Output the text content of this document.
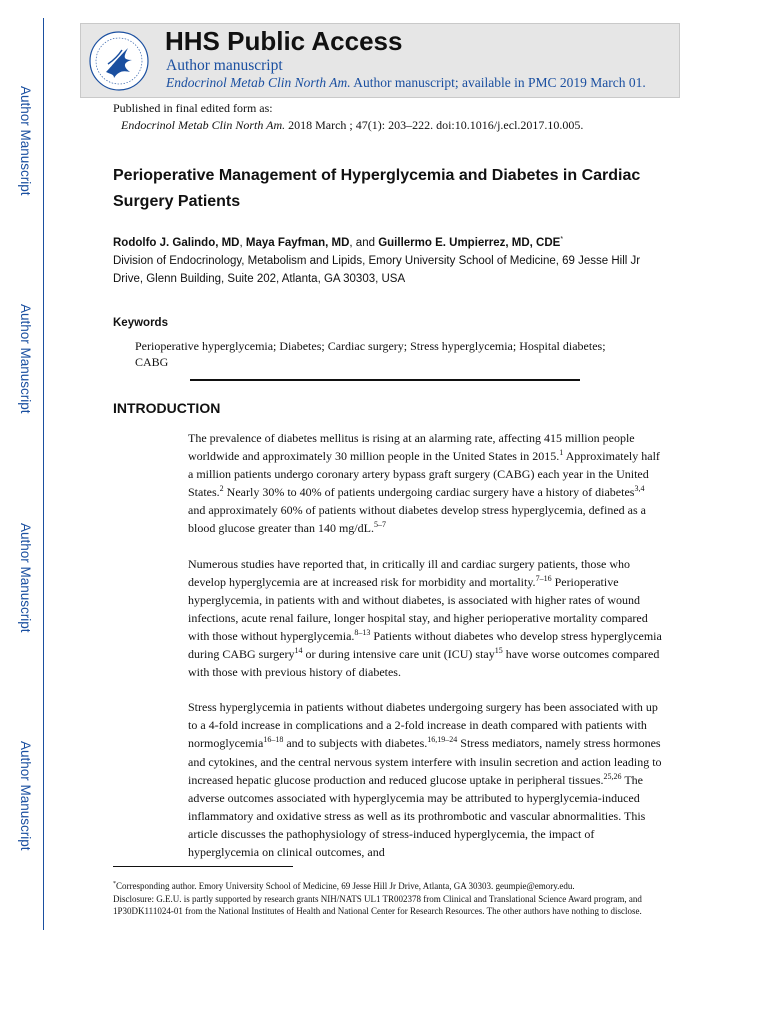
Author Manuscript
Author Manuscript
Author Manuscript
Author Manuscript
HHS Public Access
Author manuscript
Endocrinol Metab Clin North Am. Author manuscript; available in PMC 2019 March 01.
Published in final edited form as:
Endocrinol Metab Clin North Am. 2018 March ; 47(1): 203–222. doi:10.1016/j.ecl.2017.10.005.
Perioperative Management of Hyperglycemia and Diabetes in Cardiac Surgery Patients
Rodolfo J. Galindo, MD, Maya Fayfman, MD, and Guillermo E. Umpierrez, MD, CDE*
Division of Endocrinology, Metabolism and Lipids, Emory University School of Medicine, 69 Jesse Hill Jr Drive, Glenn Building, Suite 202, Atlanta, GA 30303, USA
Keywords
Perioperative hyperglycemia; Diabetes; Cardiac surgery; Stress hyperglycemia; Hospital diabetes; CABG
INTRODUCTION

The prevalence of diabetes mellitus is rising at an alarming rate, affecting 415 million people worldwide and approximately 30 million people in the United States in 2015.$^1$ Approximately half a million patients undergo coronary artery bypass graft surgery (CABG) each year in the United States.$^2$ Nearly 30% to 40% of patients undergoing cardiac surgery have a history of diabetes$^{3,4}$ and approximately 60% of patients without diabetes develop stress hyperglycemia, defined as a blood glucose greater than 140 mg/dL.$^{5-7}$

Numerous studies have reported that, in critically ill and cardiac surgery patients, those who develop hyperglycemia are at increased risk for morbidity and mortality.$^{7-16}$ Perioperative hyperglycemia, in patients with and without diabetes, is associated with higher rates of wound infections, acute renal failure, longer hospital stay, and higher perioperative mortality compared with those without hyperglycemia.$^{8-13}$ Patients without diabetes who develop stress hyperglycemia during CABG surgery$^{14}$ or during intensive care unit (ICU) stay$^{15}$ have worse outcomes compared with those with previous history of diabetes.

Stress hyperglycemia in patients without diabetes undergoing surgery has been associated with up to a 4-fold increase in complications and a 2-fold increase in death compared with patients with normoglycemia$^{16-18}$ and to subjects with diabetes.$^{16,19-24}$ Stress mediators, namely stress hormones and cytokines, and the central nervous system interfere with insulin secretion and action leading to increased hepatic glucose production and reduced glucose uptake in peripheral tissues.$^{25,26}$ The adverse outcomes associated with hyperglycemia may be attributed to hyperglycemia-induced inflammatory and oxidative stress as well as its prothrombotic and vascular abnormalities. This article discusses the pathophysiology of stress-induced hyperglycemia, the impact of hyperglycemia on clinical outcomes, and

*Corresponding author. Emory University School of Medicine, 69 Jesse Hill Jr Drive, Atlanta, GA 30303. geumpie@emory.edu.

Disclosure: G.E.U. is partly supported by research grants NIH/NATS UL1 TR002378 from Clinical and Translational Science Award program, and 1P30DK111024-01 from the National Institutes of Health and National Center for Research Resources. The other authors have nothing to disclose.
